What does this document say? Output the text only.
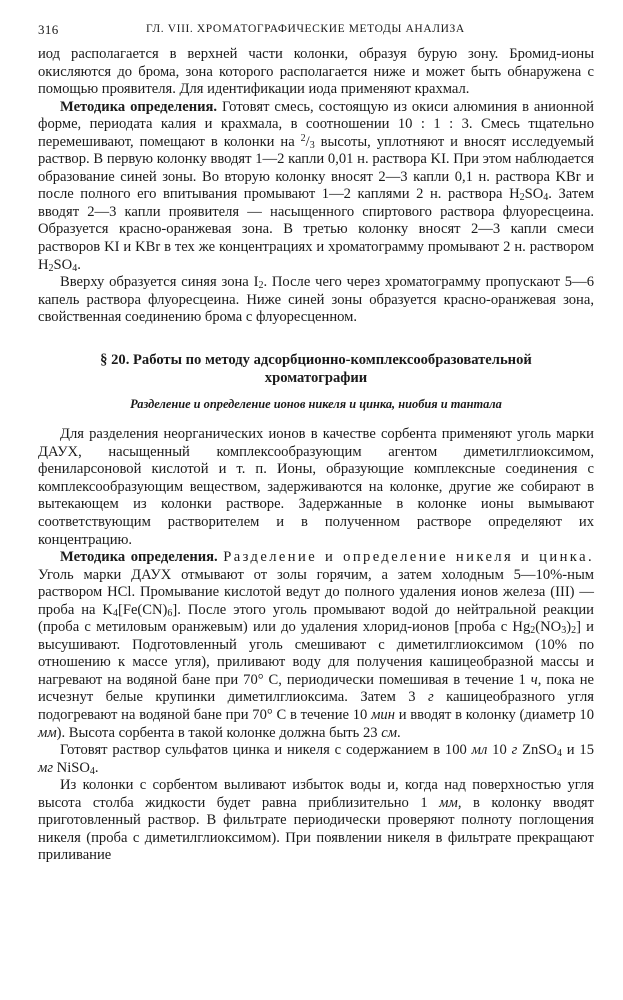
316	ГЛ. VIII. ХРОМАТОГРАФИЧЕСКИЕ МЕТОДЫ АНАЛИЗА

иод располагается в верхней части колонки, образуя бурую зону. Бромид-ионы окисляются до брома, зона которого располагается ниже и может быть обнаружена с помощью проявителя. Для идентификации иода применяют крахмал.

Методика определения. Готовят смесь, состоящую из окиси алюминия в анионной форме, периодата калия и крахмала, в соотношении 10 : 1 : 3. Смесь тщательно перемешивают, помещают в колонки на $^2/_3$ высоты, уплотняют и вносят исследуемый раствор. В первую колонку вводят 1—2 капли 0,01 н. раствора KI. При этом наблюдается образование синей зоны. Во вторую колонку вносят 2—3 капли 0,1 н. раствора KBr и после полного его впитывания промывают 1—2 каплями 2 н. раствора $H_2SO_4$. Затем вводят 2—3 капли проявителя — насыщенного спиртового раствора флуоресцеина. Образуется красно-оранжевая зона. В третью колонку вносят 2—3 капли смеси растворов KI и KBr в тех же концентрациях и хроматограмму промывают 2 н. раствором $H_2SO_4$.

Вверху образуется синяя зона $I_2$. После чего через хроматограмму пропускают 5—6 капель раствора флуоресцеина. Ниже синей зоны образуется красно-оранжевая зона, свойственная соединению брома с флуоресценном.

§ 20. Работы по методу адсорбционно-комплексообразовательной хроматографии
Разделение и определение ионов никеля и цинка, ниобия и тантала

Для разделения неорганических ионов в качестве сорбента применяют уголь марки ДАУХ, насыщенный комплексообразующим агентом диметилглиоксимом, фениларсоновой кислотой и т. п. Ионы, образующие комплексные соединения с комплексообразующим веществом, задерживаются на колонке, другие же собирают в вытекающем из колонки растворе. Задержанные в колонке ионы вымывают соответствующим растворителем и в полученном растворе определяют их концентрацию.

Методика определения. Разделение и определение никеля и цинка. Уголь марки ДАУХ отмывают от золы горячим, а затем холодным 5—10%-ным раствором HCl. Промывание кислотой ведут до полного удаления ионов железа (III) — проба на $K_4[Fe(CN)_6]$. После этого уголь промывают водой до нейтральной реакции (проба с метиловым оранжевым) или до удаления хлорид-ионов [проба с $Hg_2(NO_3)_2$] и высушивают. Подготовленный уголь смешивают с диметилглиоксимом (10% по отношению к массе угля), приливают воду для получения кашицеобразной массы и нагревают на водяной бане при 70° С, периодически помешивая в течение 1 ч, пока не исчезнут белые крупинки диметилглиоксима. Затем 3 г кашицеобразного угля подогревают на водяной бане при 70° С в течение 10 мин и вводят в колонку (диаметр 10 мм). Высота сорбента в такой колонке должна быть 23 см.

Готовят раствор сульфатов цинка и никеля с содержанием в 100 мл 10 г ZnSO$_4$ и 15 мг NiSO$_4$.

Из колонки с сорбентом выливают избыток воды и, когда над поверхностью угля высота столба жидкости будет равна приблизительно 1 мм, в колонку вводят приготовленный раствор. В фильтрате периодически проверяют полноту поглощения никеля (проба с диметилглиоксимом). При появлении никеля в фильтрате прекращают приливание
